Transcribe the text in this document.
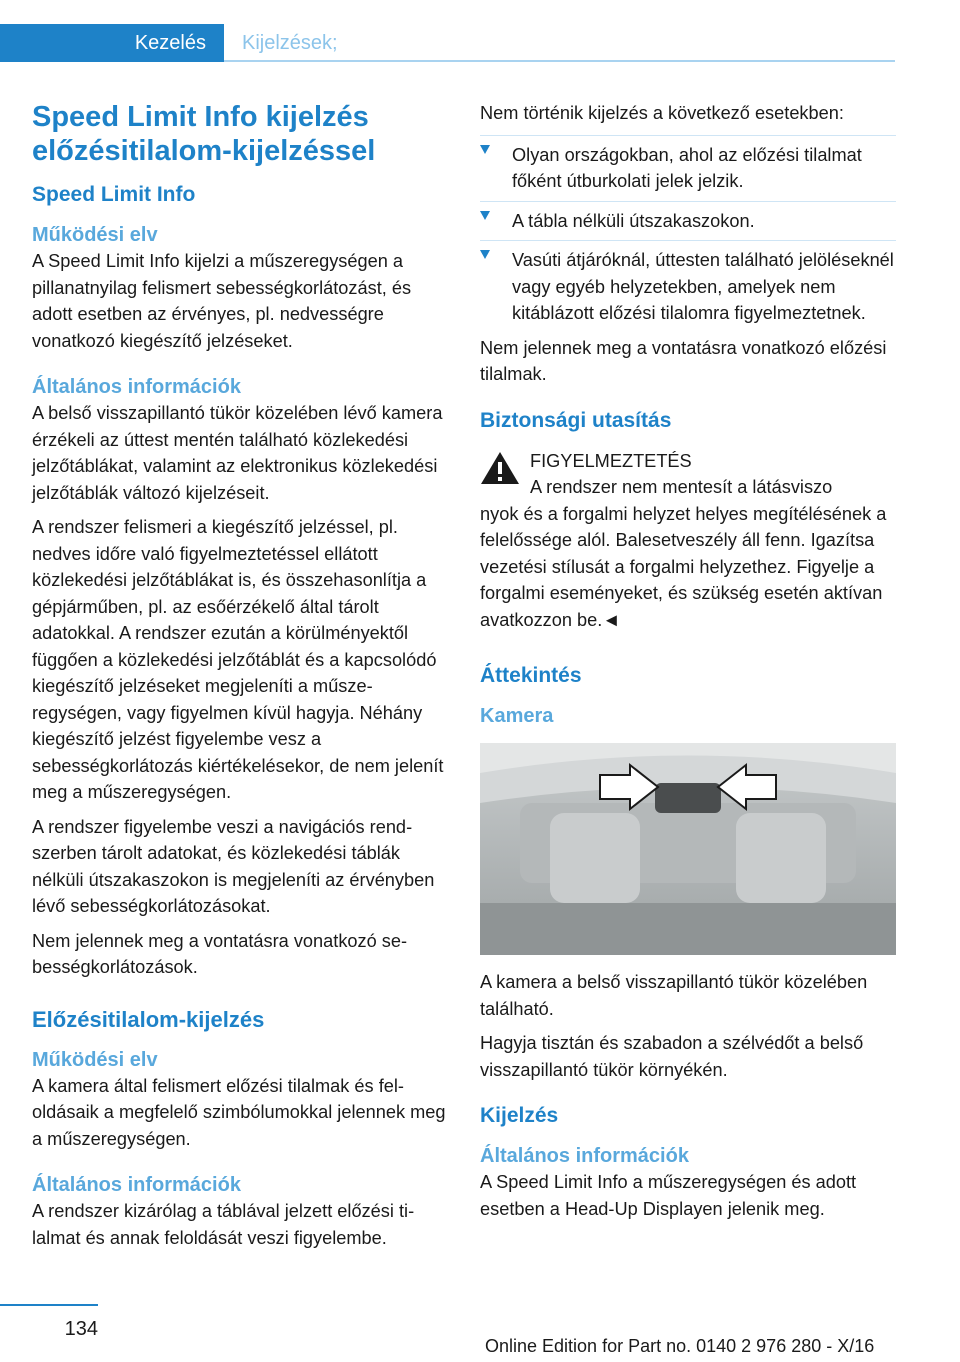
Kezelés	Kijelzések;
Speed Limit Info kijelzés előzésitilalom-kijelzéssel
Speed Limit Info
Működési elv

A Speed Limit Info kijelzi a műszeregységen a pillanatnyilag felismert sebességkorlátozást, és adott esetben az érvényes, pl. nedvességre vonatkozó kiegészítő jelzéseket.

Általános információk

A belső visszapillantó tükör közelében lévő kamera érzékeli az úttest mentén található közlekedési jelzőtáblákat, valamint az elektronikus közlekedési jelzőtáblák változó kijelzéseit.

A rendszer felismeri a kiegészítő jelzéssel, pl. nedves időre való figyelmeztetéssel ellátott közlekedési jelzőtáblákat is, és összehasonlítja a gépjárműben, pl. az esőérzékelő által tárolt adatokkal. A rendszer ezután a körülményektől függően a közlekedési jelzőtáblát és a kapcsolódó kiegészítő jelzéseket megjeleníti a műszeregységen, vagy figyelmen kívül hagyja. Néhány kiegészítő jelzést figyelembe vesz a sebességkorlátozás kiértékelésekor, de nem jelenít meg a műszeregységen.

A rendszer figyelembe veszi a navigációs rendszerben tárolt adatokat, és közlekedési táblák nélküli útszakaszokon is megjeleníti az érvényben lévő sebességkorlátozásokat.

Nem jelennek meg a vontatásra vonatkozó sebességkorlátozások.

Előzésitilalom-kijelzés
Működési elv

A kamera által felismert előzési tilalmak és feloldásaik a megfelelő szimbólumokkal jelennek meg a műszeregységen.

Általános információk

A rendszer kizárólag a táblával jelzett előzési tilalmat és annak feloldását veszi figyelembe.

Nem történik kijelzés a következő esetekben:

Olyan országokban, ahol az előzési tilalmat főként útburkolati jelek jelzik.
A tábla nélküli útszakaszokon.
Vasúti átjáróknál, úttesten található jelöléseknél vagy egyéb helyzetekben, amelyek nem kitáblázott előzési tilalomra figyelmeztetnek.

Nem jelennek meg a vontatásra vonatkozó előzési tilalmak.

Biztonsági utasítás
FIGYELMEZTETÉS

A rendszer nem mentesít a látásviszo

nyok és a forgalmi helyzet helyes megítélésének a felelőssége alól. Balesetveszély áll fenn. Igazítsa vezetési stílusát a forgalmi helyzethez. Figyelje a forgalmi eseményeket, és szükség esetén aktívan avatkozzon be.◄

Áttekintés
Kamera

A kamera a belső visszapillantó tükör közelében található.

Hagyja tisztán és szabadon a szélvédőt a belső visszapillantó tükör környékén.

Kijelzés
Általános információk

A Speed Limit Info a műszeregységen és adott esetben a Head-Up Displayen jelenik meg.

134
Online Edition for Part no. 0140 2 976 280 - X/16
